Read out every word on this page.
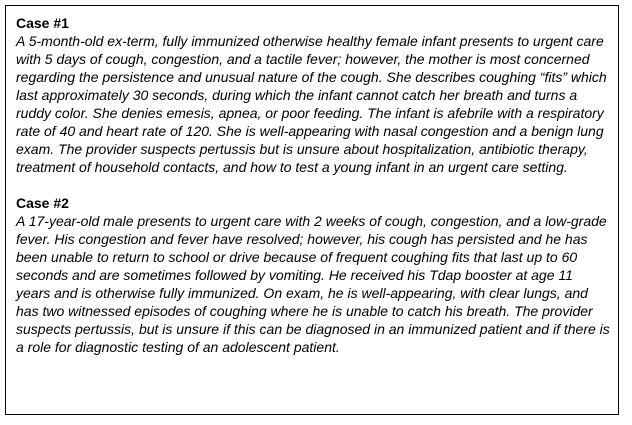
Case #1

A 5-month-old ex-term, fully immunized otherwise healthy female infant presents to urgent care with 5 days of cough, congestion, and a tactile fever; however, the mother is most concerned regarding the persistence and unusual nature of the cough. She describes coughing “fits” which last approximately 30 seconds, during which the infant cannot catch her breath and turns a ruddy color. She denies emesis, apnea, or poor feeding. The infant is afebrile with a respiratory rate of 40 and heart rate of 120. She is well-appearing with nasal congestion and a benign lung exam. The provider suspects pertussis but is unsure about hospitalization, antibiotic therapy, treatment of household contacts, and how to test a young infant in an urgent care setting.

Case #2

A 17-year-old male presents to urgent care with 2 weeks of cough, congestion, and a low-grade fever. His congestion and fever have resolved; however, his cough has persisted and he has been unable to return to school or drive because of frequent coughing fits that last up to 60 seconds and are sometimes followed by vomiting. He received his Tdap booster at age 11 years and is otherwise fully immunized. On exam, he is well-appearing, with clear lungs, and has two witnessed episodes of coughing where he is unable to catch his breath. The provider suspects pertussis, but is unsure if this can be diagnosed in an immunized patient and if there is a role for diagnostic testing of an adolescent patient.
